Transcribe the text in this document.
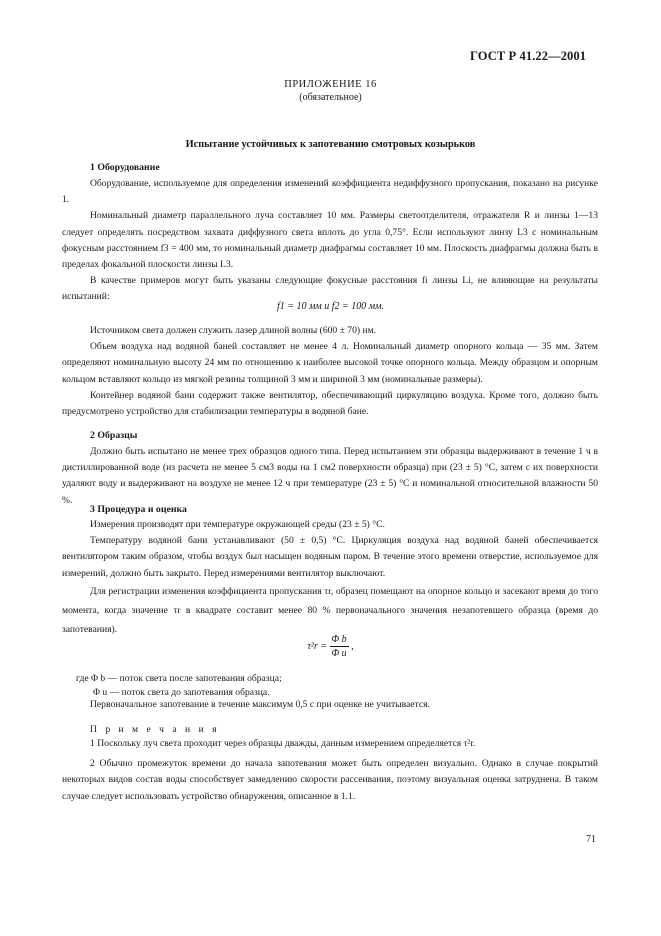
ГОСТ Р 41.22—2001
ПРИЛОЖЕНИЕ 16
(обязательное)
Испытание устойчивых к запотеванию смотровых козырьков
1 Оборудование

Оборудование, используемое для определения изменений коэффициента недиффузного пропускания, показано на рисунке 1.

Номинальный диаметр параллельного луча составляет 10 мм. Размеры светоотделителя, отражателя R и линзы 1—13 следует определять посредством захвата диффузного света вплоть до угла 0,75°. Если используют линзу L3 с номинальным фокусным расстоянием f3 = 400 мм, то номинальный диаметр диафрагмы составляет 10 мм. Плоскость диафрагмы должна быть в пределах фокальной плоскости линзы L3.

В качестве примеров могут быть указаны следующие фокусные расстояния fi линзы Li, не влияющие на результаты испытаний:

f1 = 10 мм и f2 = 100 мм.

Источником света должен служить лазер длиной волны (600 ± 70) нм.

Объем воздуха над водяной баней составляет не менее 4 л. Номинальный диаметр опорного кольца — 35 мм. Затем определяют номинальную высоту 24 мм по отношению к наиболее высокой точке опорного кольца. Между образцом и опорным кольцом вставляют кольцо из мягкой резины толщиной 3 мм и шириной 3 мм (номинальные размеры).

Контейнер водяной бани содержит также вентилятор, обеспечивающий циркуляцию воздуха. Кроме того, должно быть предусмотрено устройство для стабилизации температуры в водяной бане.

2 Образцы

Должно быть испытано не менее трех образцов одного типа. Перед испытанием эти образцы выдерживают в течение 1 ч в дистиллированной воде (из расчета не менее 5 см3 воды на 1 см2 поверхности образца) при (23 ± 5) °С, затем с их поверхности удаляют воду и выдерживают на воздухе не менее 12 ч при температуре (23 ± 5) °С и номинальной относительной влажности 50 %.

3 Процедура и оценка

Измерения производят при температуре окружающей среды (23 ± 5) °С.

Температуру водяной бани устанавливают (50 ± 0,5) °С. Циркуляция воздуха над водяной баней обеспечивается вентилятором таким образом, чтобы воздух был насыщен водяным паром. В течение этого времени отверстие, используемое для измерений, должно быть закрыто. Перед измерениями вентилятор выключают.

Для регистрации изменения коэффициента пропускания τr, образец помещают на опорное кольцо и засекают время до того момента, когда значение τr в квадрате составит менее 80 % первоначального значения незапотевшего образца (время до запотевания).

$\tau^2r = \frac{\text{Φ b}}{\text{Φ u}}$ ,
где Φ b — поток света после запотевания образца;
Φ u — поток света до запотевания образца.

Первоначальное запотевание в течение максимум 0,5 с при оценке не учитывается.

П р и м е ч а н и я

1 Поскольку луч света проходит через образцы дважды, данным измерением определяется τ²r.

2 Обычно промежуток времени до начала запотевания может быть определен визуально. Однако в случае покрытий некоторых видов состав воды способствует замедлению скорости рассеивания, поэтому визуальная оценка затруднена. В таком случае следует использовать устройство обнаружения, описанное в 1.1.

71
